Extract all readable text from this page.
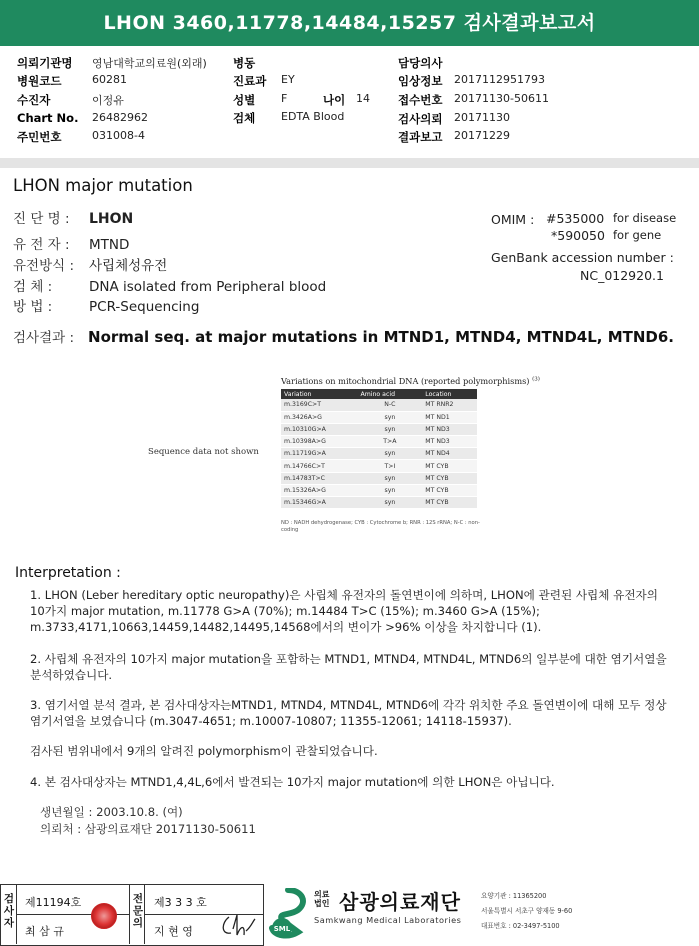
LHON 3460,11778,14484,15257 검사결과보고서
의뢰기관명 영남대학교의료원(외래)
병원코드	60281
수진자	이정유
Chart No. 26482962
주민번호	031008-4
병동
진료과 EY
성별 F	나이 14
검체 EDTA Blood
담당의사
임상정보 2017112951793
접수번호 20171130-50611
검사의뢰 20171130
결과보고 20171229
LHON major mutation
진 단 명 : LHON
유 전 자 : MTND
유전방식 : 사립체성유전
검 체 :	DNA isolated from Peripheral blood
방 법 :	PCR-Sequencing
OMIM : #535000 for disease
*590050 for gene
GenBank accession number :
NC_012920.1
검사결과 : Normal seq. at major mutations in MTND1, MTND4, MTND4L, MTND6.
Sequence data not shown
Variations on mitochondrial DNA (reported polymorphisms) $^{(3)}$
Variation	Amino acid	Location
m.3169C>T	N-C	MT RNR2
m.3426A>G	syn	MT ND1
m.10310G>A	syn	MT ND3
m.10398A>G	T>A	MT ND3
m.11719G>A	syn	MT ND4
m.14766C>T	T>I	MT CYB
m.14783T>C	syn	MT CYB
m.15326A>G	syn	MT CYB
m.15346G>A	syn	MT CYB
ND : NADH dehydrogenase; CYB : Cytochrome b; RNR : 12S rRNA; N-C : non-coding
Interpretation :
1. LHON (Leber hereditary optic neuropathy)은 사립체 유전자의 돌연변이에 의하며, LHON에 관련된 사립체 유전자의 10가지 major mutation, m.11778 G>A (70%); m.14484 T>C (15%); m.3460 G>A (15%); m.3733,4171,10663,14459,14482,14495,14568에서의 변이가 >96% 이상을 차지합니다 (1).
2. 사립체 유전자의 10가지 major mutation을 포함하는 MTND1, MTND4, MTND4L, MTND6의 일부분에 대한 염기서열을 분석하였습니다.
3. 염기서열 분석 결과, 본 검사대상자는MTND1, MTND4, MTND4L, MTND6에 각각 위치한 주요 돌연변이에 대해 모두 정상염기서열을 보였습니다 (m.3047-4651; m.10007-10807; 11355-12061; 14118-15937).
검사된 범위내에서 9개의 알려진 polymorphism이 관찰되었습니다.
4. 본 검사대상자는 MTND1,4,4L,6에서 발견되는 10가지 major mutation에 의한 LHON은 아닙니다.
생년월일 : 2003.10.8. (여)
의뢰처 : 삼광의료재단 20171130-50611
검사자
제11194호
최 삼 규
전문의
제3 3 3 호
지 현 영	SML
의료
법인 삼광의료재단
Samkwang Medical Laboratories
요양기관 : 11365200
서울특별시 서초구 양재동 9-60
대표번호 : 02-3497-5100
